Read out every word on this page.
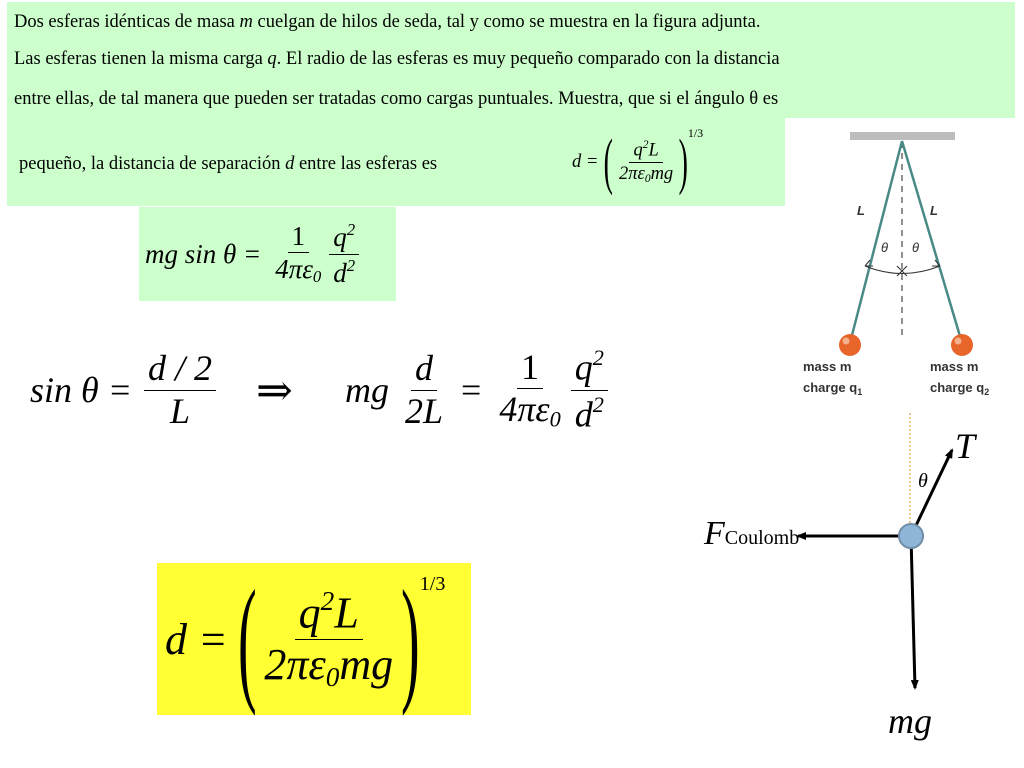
Dos esferas idénticas de masa m cuelgan de hilos de seda, tal y como se muestra en la figura adjunta.
Las esferas tienen la misma carga q. El radio de las esferas es muy pequeño comparado con la distancia
entre ellas, de tal manera que pueden ser tratadas como cargas puntuales. Muestra, que si el ángulo θ es
pequeño, la distancia de separación d entre las esferas es	d = ( $\frac{q^2L}{2\pi\varepsilon_0mg}$ ) 1/3
mg $\sin \theta = \frac{1}{4\pi\varepsilon_0} \frac{q^2}{d^2}$
$\sin \theta = \frac{d / 2}{L}$ ⇒ mg $\frac{d}{2L} = \frac{1}{4\pi\varepsilon_0} \frac{q^2}{d^2}$
d = ( $\frac{q^2L}{2\pi\varepsilon_0mg}$ ) 1/3
L	L
θ θ
mass m
charge $q_1$
mass m
charge $q_2$
T
θ
FCoulomb
mg
